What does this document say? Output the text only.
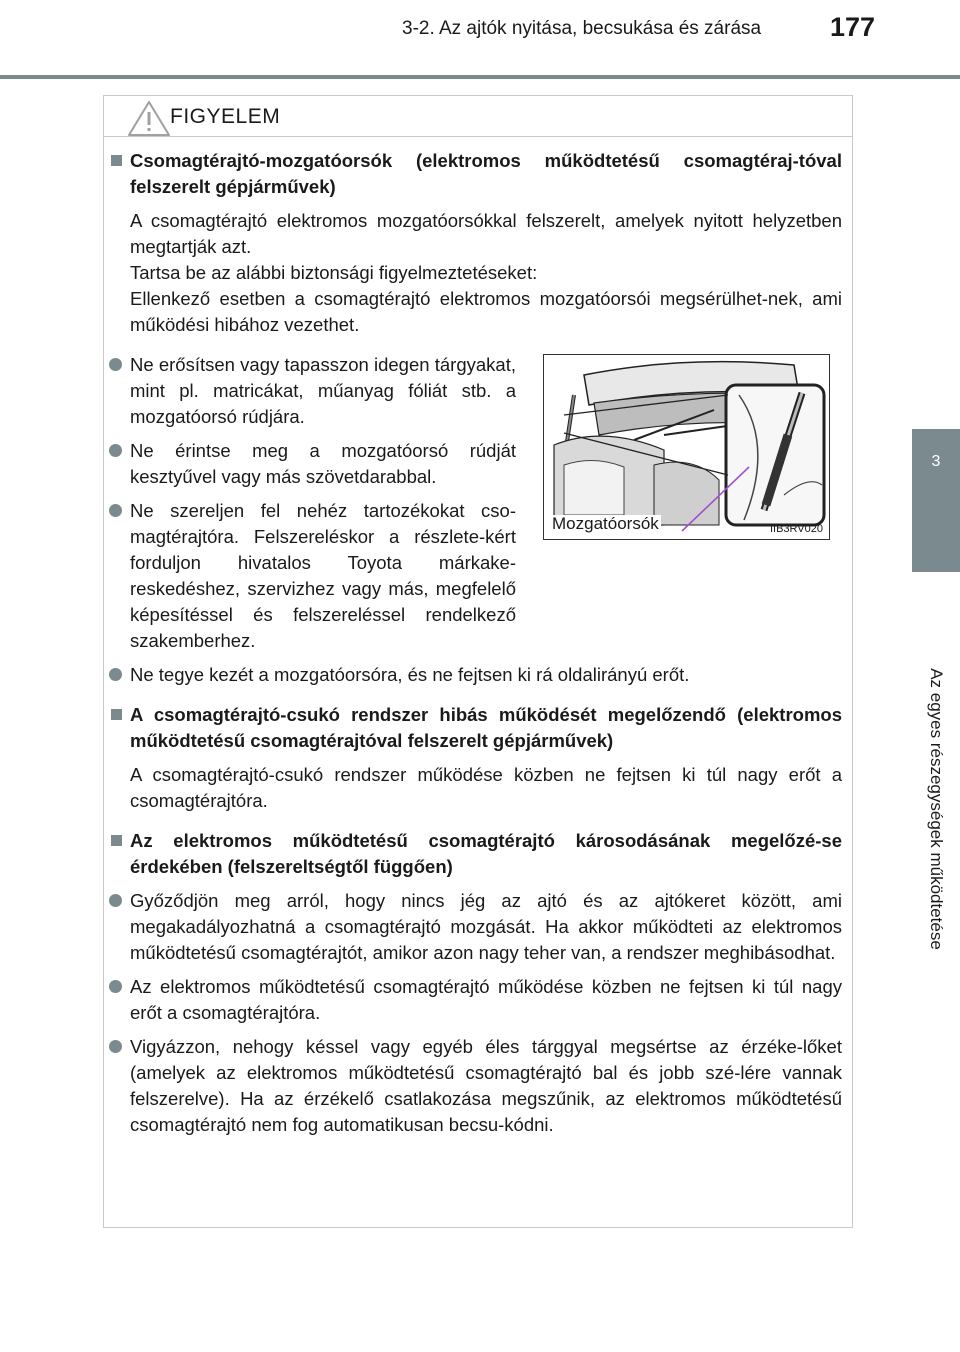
3-2. Az ajtók nyitása, becsukása és zárása	177
3
Az egyes részegységek működtetése
FIGYELEM
Csomagtérajtó-mozgatóorsók (elektromos működtetésű csomagtéraj-tóval felszerelt gépjárművek)
A csomagtérajtó elektromos mozgatóorsókkal felszerelt, amelyek nyitott helyzetben megtartják azt.
Tartsa be az alábbi biztonsági figyelmeztetéseket:
Ellenkező esetben a csomagtérajtó elektromos mozgatóorsói megsérülhet-nek, ami működési hibához vezethet.
Ne erősítsen vagy tapasszon idegen tárgyakat, mint pl. matricákat, műanyag fóliát stb. a mozgatóorsó rúdjára.
Ne érintse meg a mozgatóorsó rúdját kesztyűvel vagy más szövetdarabbal.
Ne szereljen fel nehéz tartozékokat cso-magtérajtóra. Felszereléskor a részlete-kért forduljon hivatalos Toyota márkake-reskedéshez, szervizhez vagy más, megfelelő képesítéssel és felszereléssel rendelkező szakemberhez.
Mozgatóorsók	IIB3RV020
Ne tegye kezét a mozgatóorsóra, és ne fejtsen ki rá oldalirányú erőt.
A csomagtérajtó-csukó rendszer hibás működését megelőzendő (elektromos működtetésű csomagtérajtóval felszerelt gépjárművek)
A csomagtérajtó-csukó rendszer működése közben ne fejtsen ki túl nagy erőt a csomagtérajtóra.
Az elektromos működtetésű csomagtérajtó károsodásának megelőzé-se érdekében (felszereltségtől függően)
Győződjön meg arról, hogy nincs jég az ajtó és az ajtókeret között, ami megakadályozhatná a csomagtérajtó mozgását. Ha akkor működteti az elektromos működtetésű csomagtérajtót, amikor azon nagy teher van, a rendszer meghibásodhat.
Az elektromos működtetésű csomagtérajtó működése közben ne fejtsen ki túl nagy erőt a csomagtérajtóra.
Vigyázzon, nehogy késsel vagy egyéb éles tárggyal megsértse az érzéke-lőket (amelyek az elektromos működtetésű csomagtérajtó bal és jobb szé-lére vannak felszerelve). Ha az érzékelő csatlakozása megszűnik, az elektromos működtetésű csomagtérajtó nem fog automatikusan becsu-kódni.
